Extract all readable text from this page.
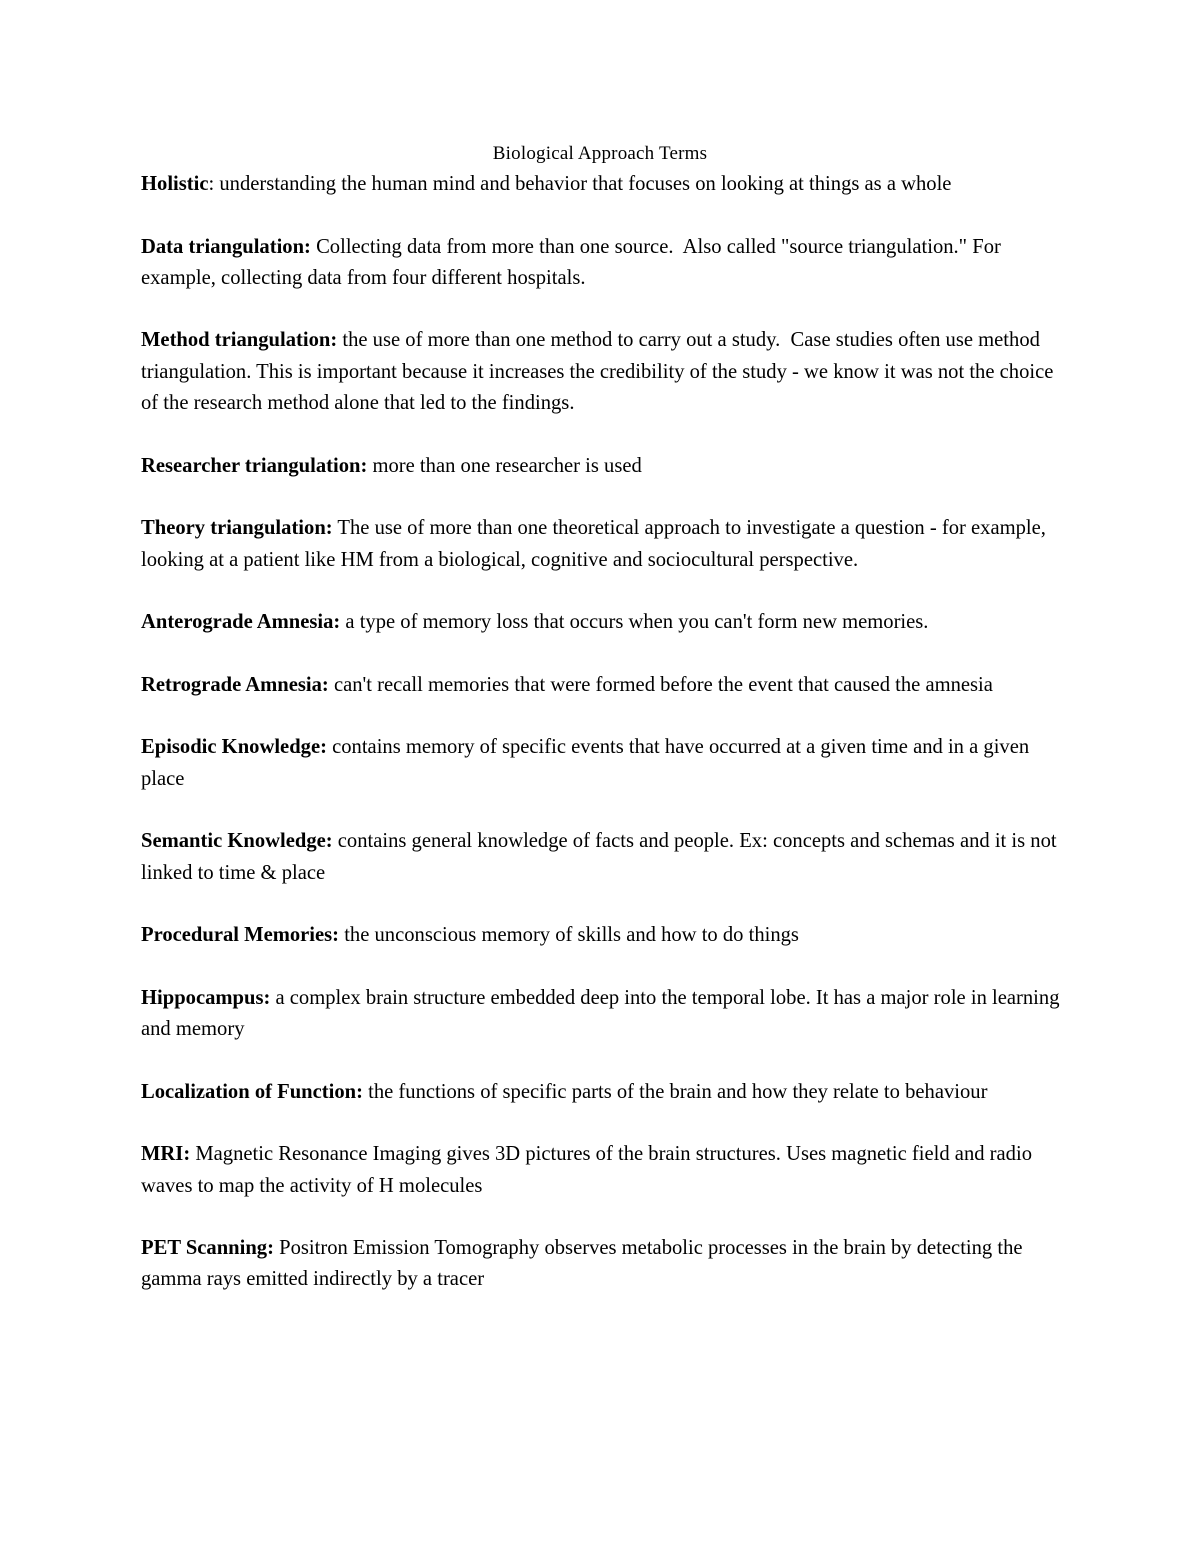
Biological Approach Terms
Holistic: understanding the human mind and behavior that focuses on looking at things as a whole
Data triangulation: Collecting data from more than one source.  Also called "source triangulation." For example, collecting data from four different hospitals.
Method triangulation: the use of more than one method to carry out a study.  Case studies often use method triangulation. This is important because it increases the credibility of the study - we know it was not the choice of the research method alone that led to the findings.
Researcher triangulation: more than one researcher is used
Theory triangulation: The use of more than one theoretical approach to investigate a question - for example, looking at a patient like HM from a biological, cognitive and sociocultural perspective.
Anterograde Amnesia: a type of memory loss that occurs when you can't form new memories.
Retrograde Amnesia: can't recall memories that were formed before the event that caused the amnesia
Episodic Knowledge: contains memory of specific events that have occurred at a given time and in a given place
Semantic Knowledge: contains general knowledge of facts and people. Ex: concepts and schemas and it is not linked to time & place
Procedural Memories: the unconscious memory of skills and how to do things
Hippocampus: a complex brain structure embedded deep into the temporal lobe. It has a major role in learning and memory
Localization of Function: the functions of specific parts of the brain and how they relate to behaviour
MRI: Magnetic Resonance Imaging gives 3D pictures of the brain structures. Uses magnetic field and radio waves to map the activity of H molecules
PET Scanning: Positron Emission Tomography observes metabolic processes in the brain by detecting the gamma rays emitted indirectly by a tracer
